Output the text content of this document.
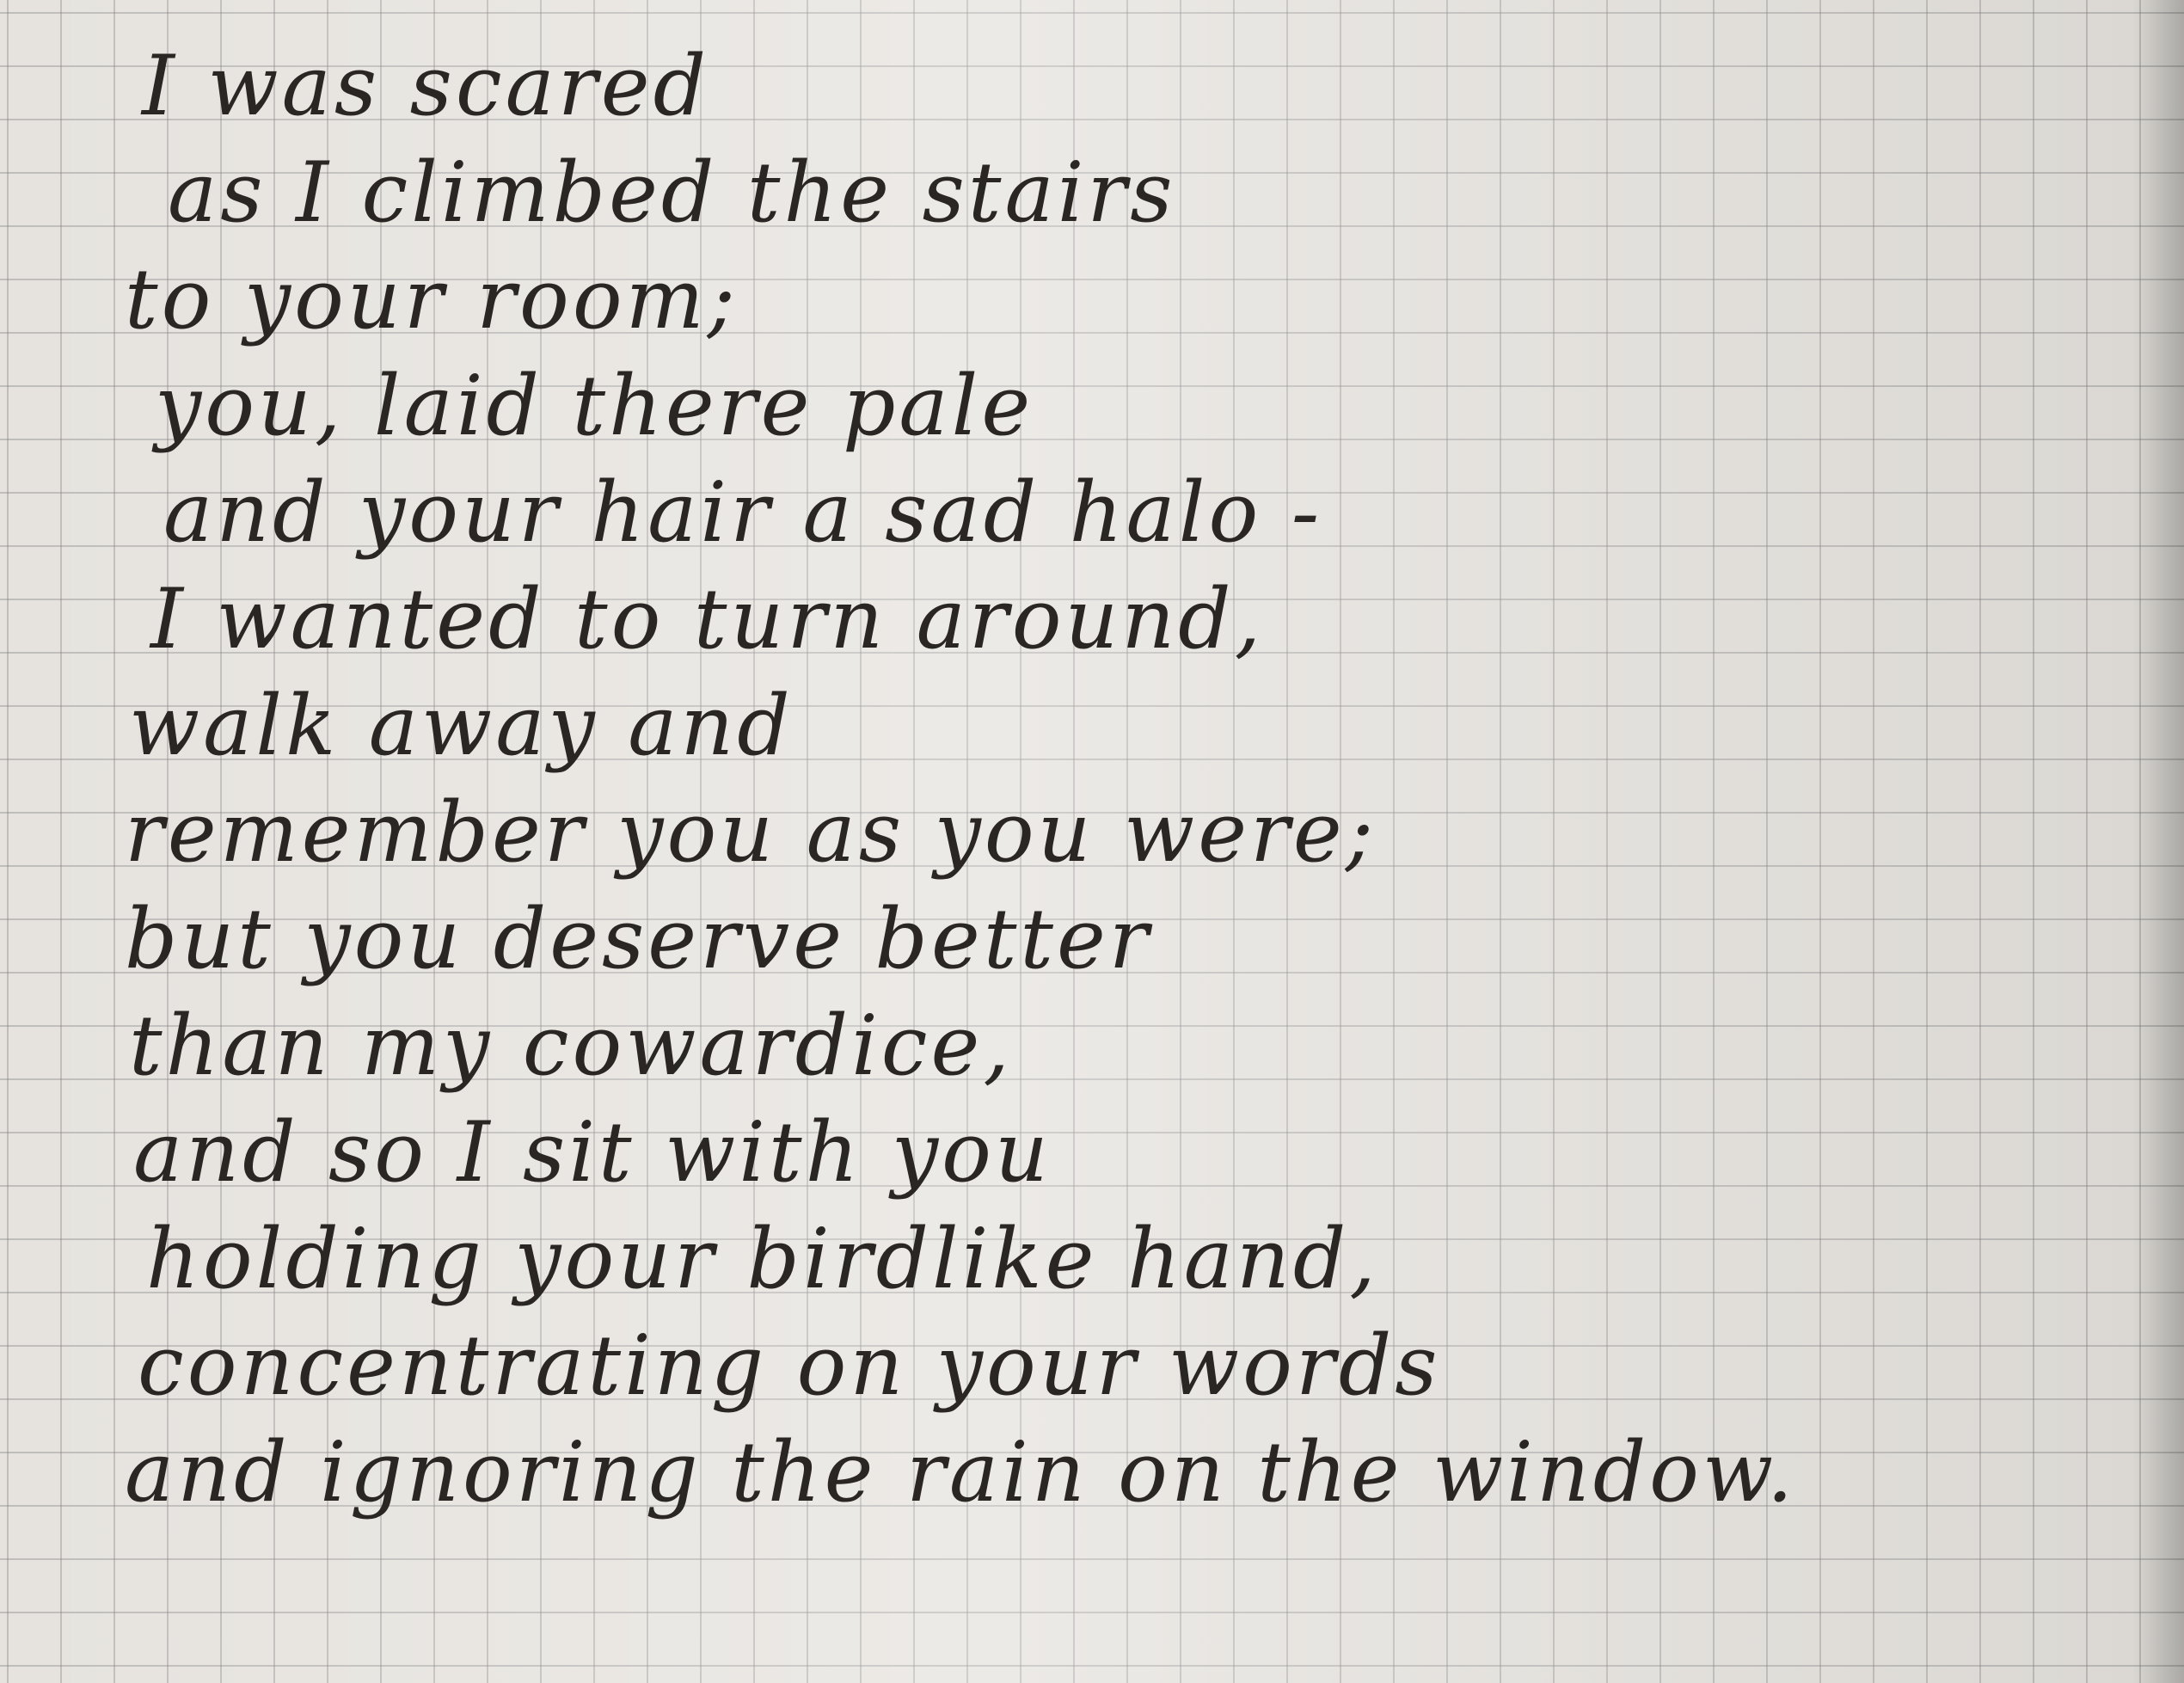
I was scared
as I climbed the stairs
to your room;
you, laid there pale
and your hair a sad halo -
I wanted to turn around,
walk away and
remember you as you were;
but you deserve better
than my cowardice,
and so I sit with you
holding your birdlike hand,
concentrating on your words
and ignoring the rain on the window.
